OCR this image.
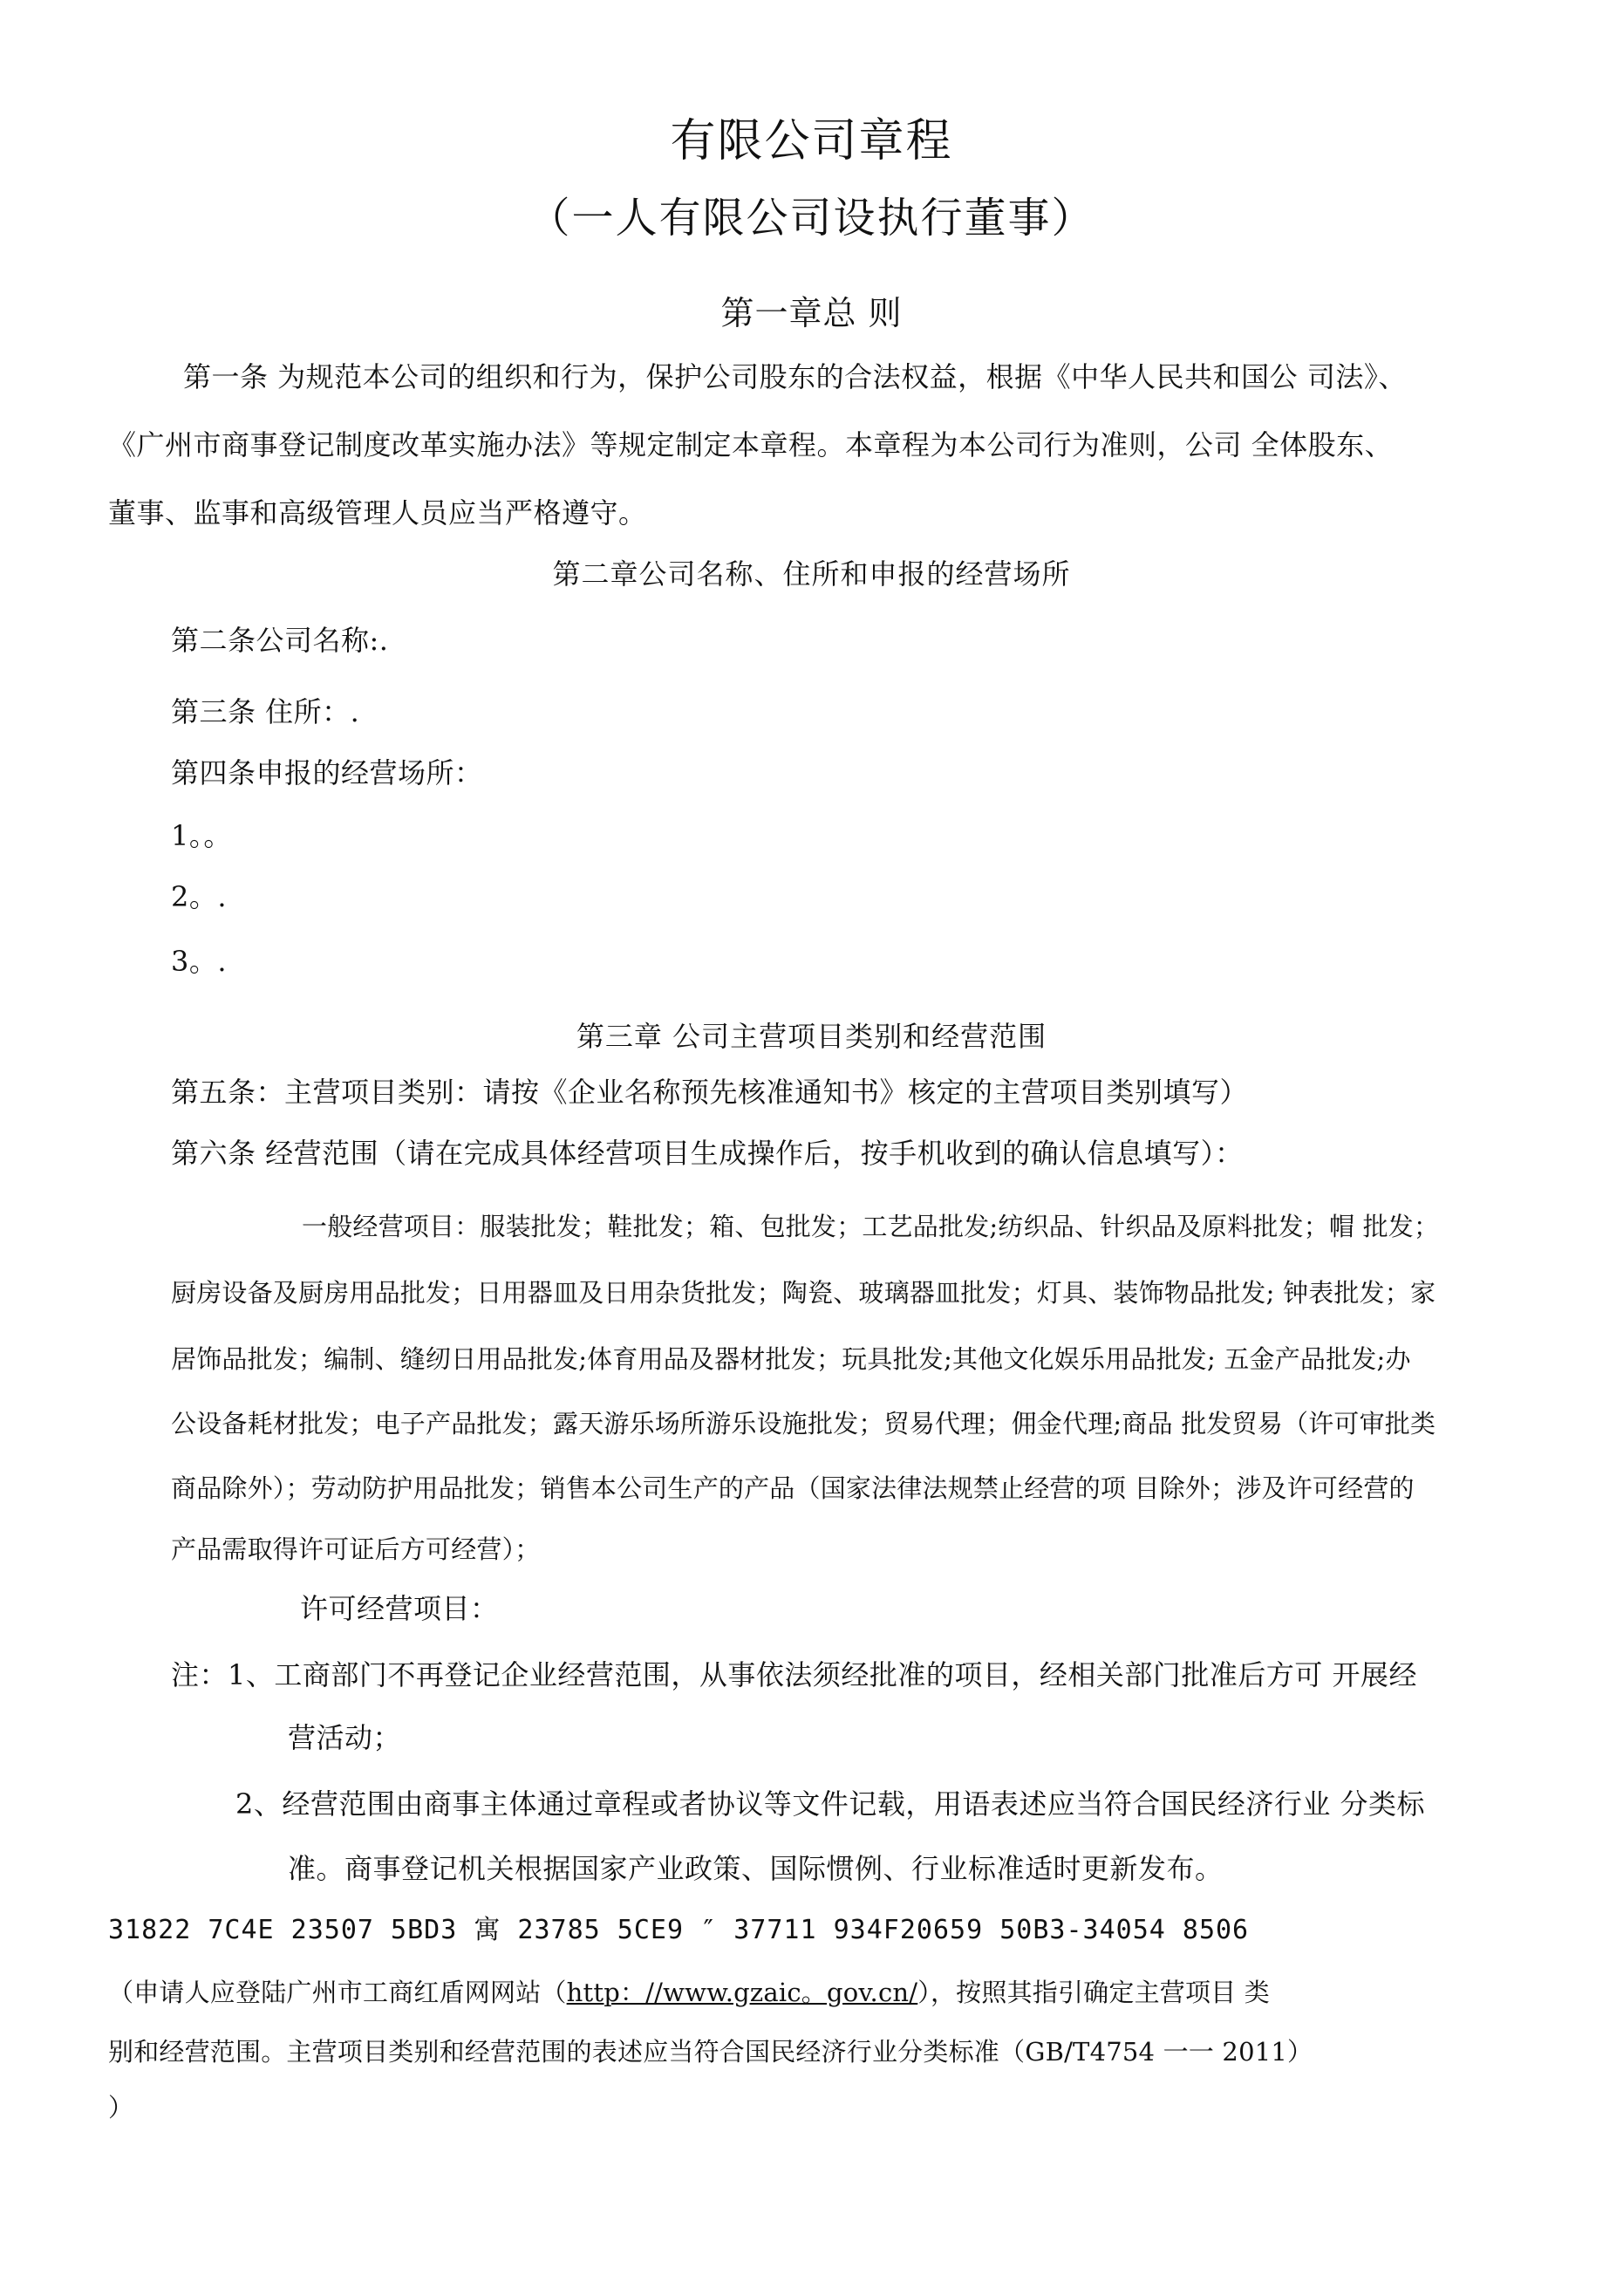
有限公司章程
（一人有限公司设执行董事）
第一章总 则
第一条 为规范本公司的组织和行为，保护公司股东的合法权益，根据《中华人民共和国公 司法》、
《广州市商事登记制度改革实施办法》等规定制定本章程。本章程为本公司行为准则，公司 全体股东、
董事、监事和高级管理人员应当严格遵守。
第二章公司名称、住所和申报的经营场所
第二条公司名称:.
第三条 住所：.
第四条申报的经营场所：
1。。
2。.
3。.
第三章 公司主营项目类别和经营范围
第五条：主营项目类别：请按《企业名称预先核准通知书》核定的主营项目类别填写）
第六条 经营范围（请在完成具体经营项目生成操作后，按手机收到的确认信息填写）：
一般经营项目：服装批发；鞋批发；箱、包批发；工艺品批发;纺织品、针织品及原料批发；帽 批发；
厨房设备及厨房用品批发；日用器皿及日用杂货批发；陶瓷、玻璃器皿批发；灯具、装饰物品批发; 钟表批发；家
居饰品批发；编制、缝纫日用品批发;体育用品及器材批发；玩具批发;其他文化娱乐用品批发; 五金产品批发;办
公设备耗材批发；电子产品批发；露天游乐场所游乐设施批发；贸易代理；佣金代理;商品 批发贸易（许可审批类
商品除外）；劳动防护用品批发；销售本公司生产的产品（国家法律法规禁止经营的项 目除外；涉及许可经营的
产品需取得许可证后方可经营）；
许可经营项目：
注：1、工商部门不再登记企业经营范围，从事依法须经批准的项目，经相关部门批准后方可 开展经
营活动；
2、经营范围由商事主体通过章程或者协议等文件记载，用语表述应当符合国民经济行业 分类标
准。商事登记机关根据国家产业政策、国际惯例、行业标准适时更新发布。
31822 7C4E 23507 5BD3 寓 23785 5CE9 ″ 37711 934F20659 50B3-34054 8506
（申请人应登陆广州市工商红盾网网站（http：//www.gzaic。gov.cn/），按照其指引确定主营项目 类
别和经营范围。主营项目类别和经营范围的表述应当符合国民经济行业分类标准（GB/T4754 一一 2011）
）
